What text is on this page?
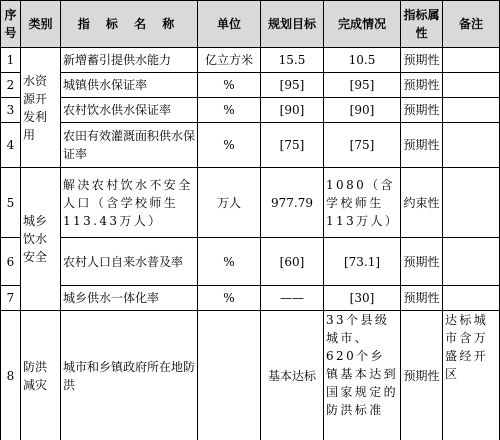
序号	类别	指 标 名 称	单位	规划目标	完成情况	指标属性	备注
1	水资源开发利用	新增蓄引提供水能力	亿立方米	15.5	10.5	预期性	
2		城镇供水保证率	%	[95]	[95]	预期性	
3		农村饮水供水保证率	%	[90]	[90]	预期性	
4		农田有效灌溉面积供水保证率	%	[75]	[75]	预期性	
5	城乡饮水安全	解决农村饮水不安全人口（含学校师生113.43万人）	万人	977.79	1080（含学校师生113万人）	约束性	
6		农村人口自来水普及率	%	[60]	[73.1]	预期性	
7		城乡供水一体化率	%	——	[30]	预期性	
8	防洪减灾	城市和乡镇政府所在地防洪		基本达标	33个县级城市、620个乡镇基本达到国家规定的防洪标准	预期性	达标城市含万盛经开区
